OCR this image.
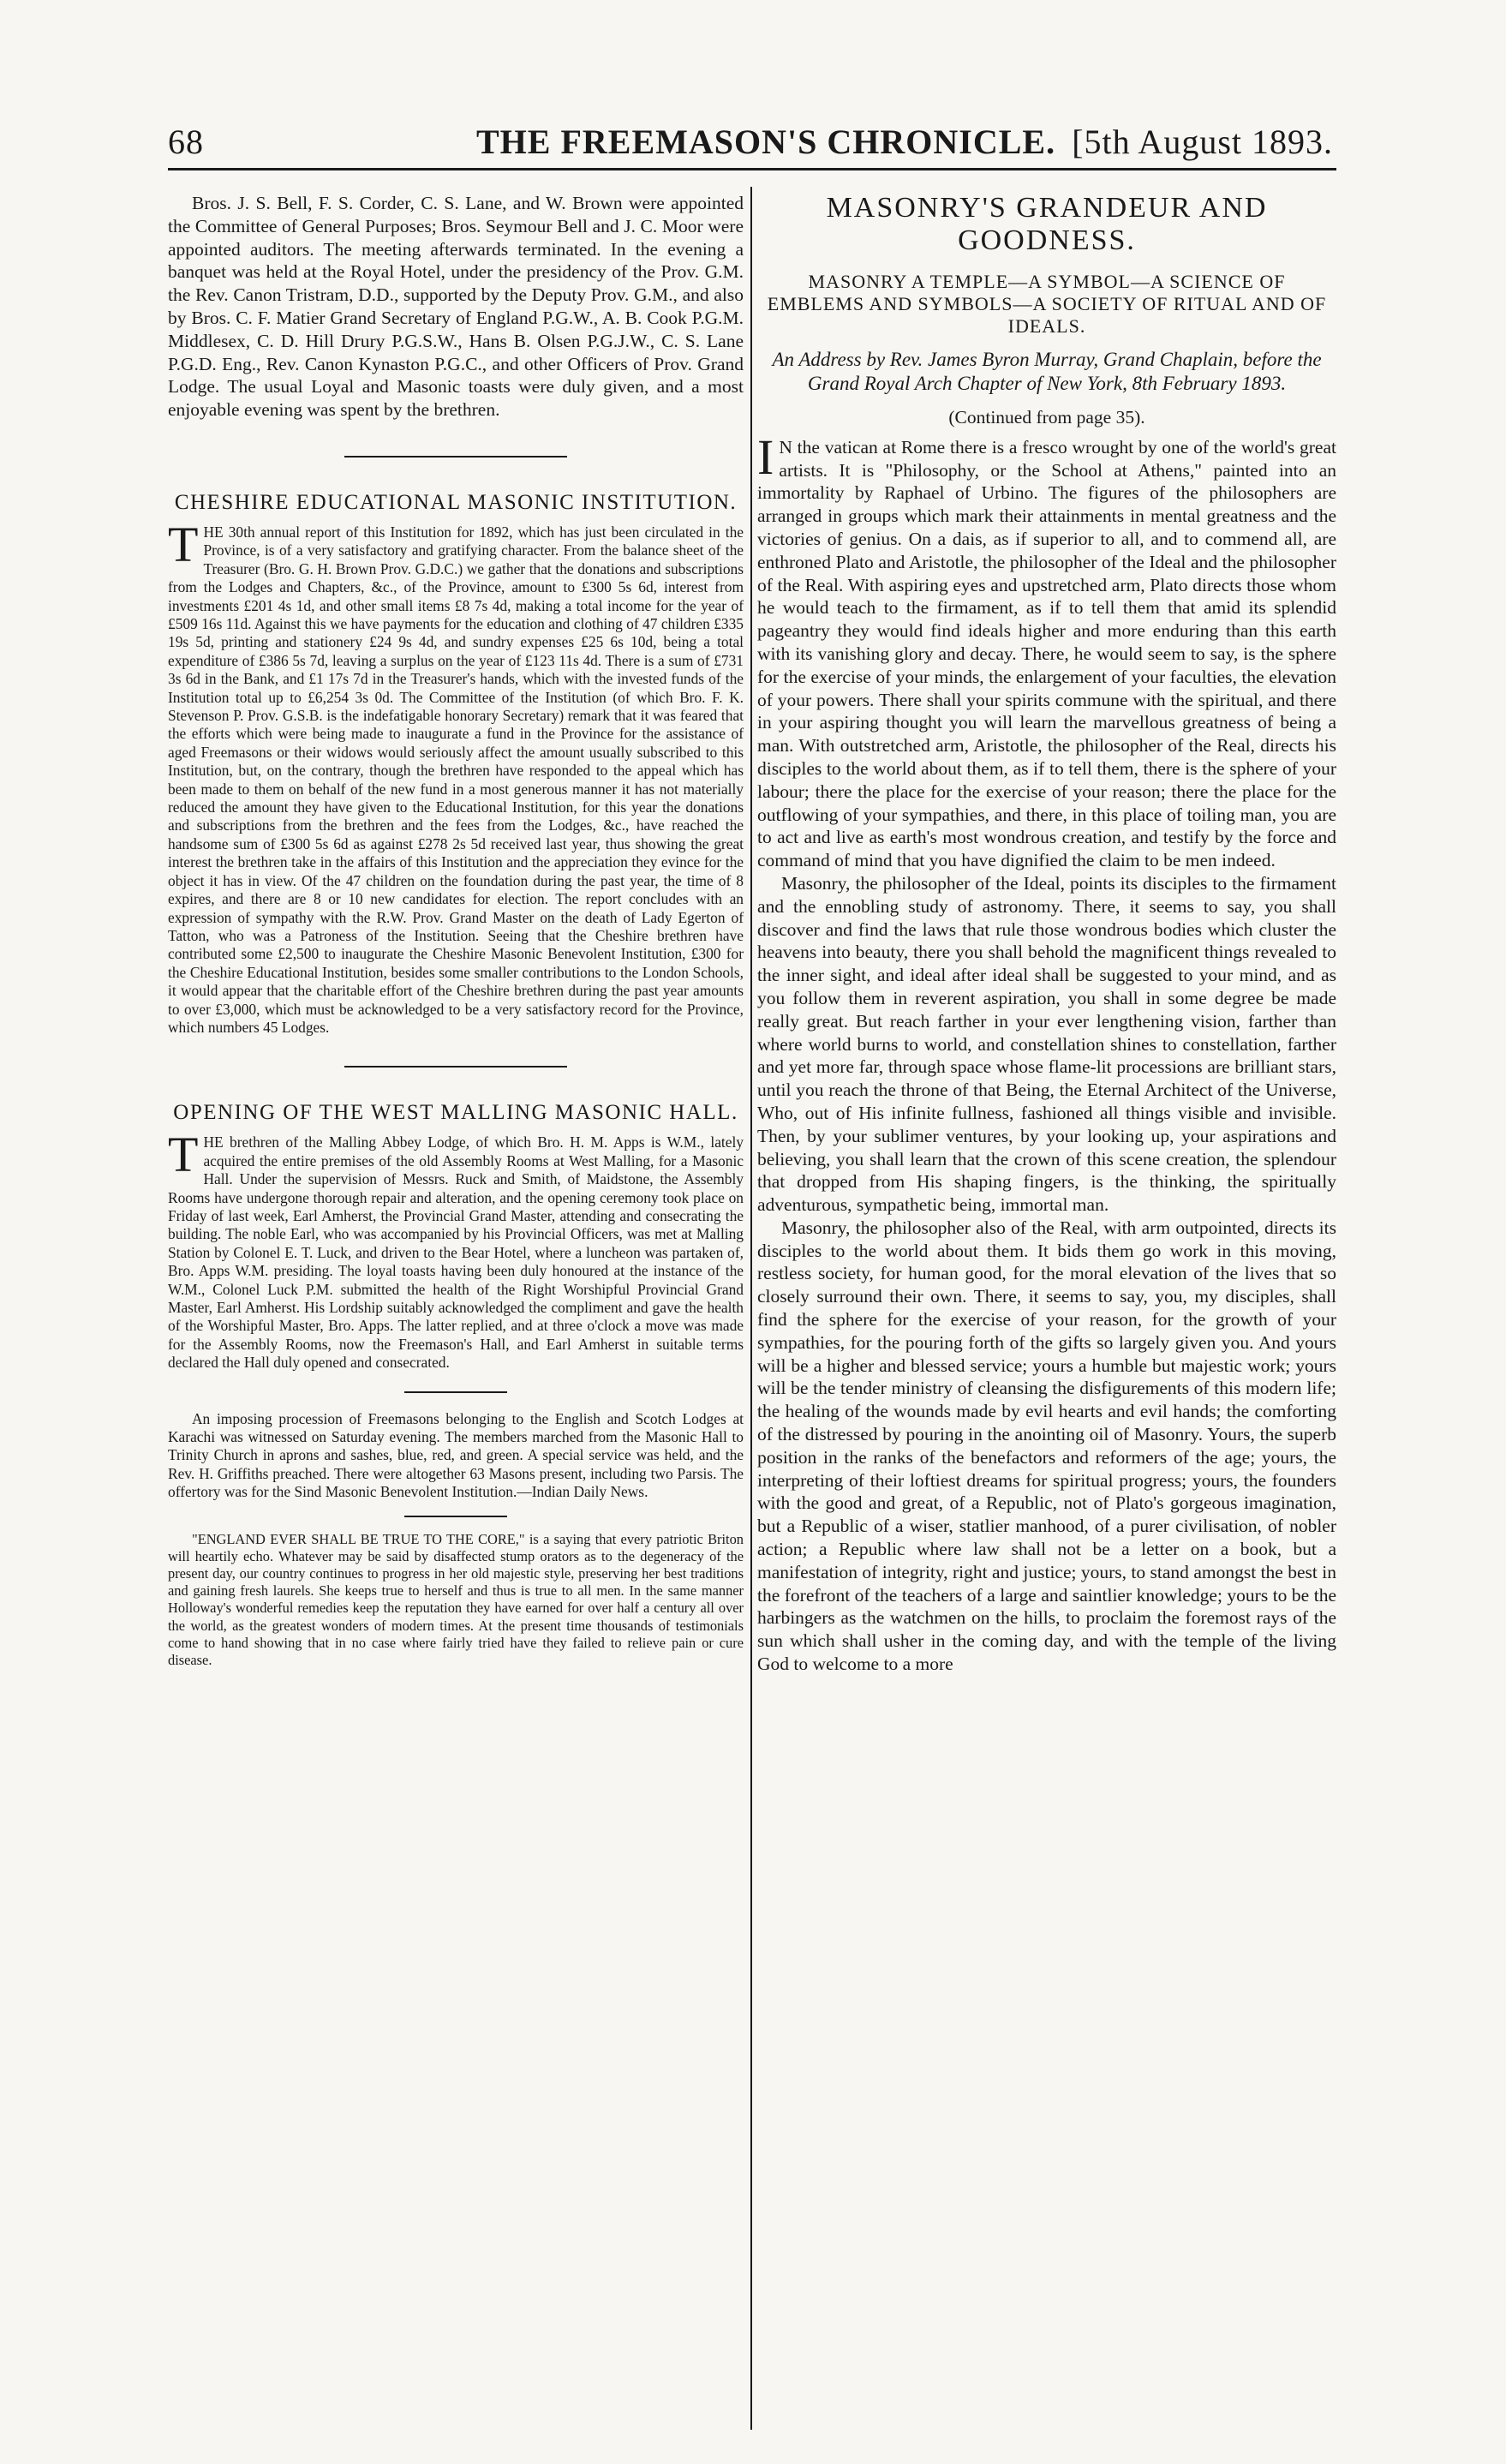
68	THE FREEMASON'S CHRONICLE. [5th August 1893.

Bros. J. S. Bell, F. S. Corder, C. S. Lane, and W. Brown were appointed the Committee of General Purposes; Bros. Seymour Bell and J. C. Moor were appointed auditors. The meeting afterwards terminated. In the evening a banquet was held at the Royal Hotel, under the presidency of the Prov. G.M. the Rev. Canon Tristram, D.D., supported by the Deputy Prov. G.M., and also by Bros. C. F. Matier Grand Secretary of England P.G.W., A. B. Cook P.G.M. Middlesex, C. D. Hill Drury P.G.S.W., Hans B. Olsen P.G.J.W., C. S. Lane P.G.D. Eng., Rev. Canon Kynaston P.G.C., and other Officers of Prov. Grand Lodge. The usual Loyal and Masonic toasts were duly given, and a most enjoyable evening was spent by the brethren.

CHESHIRE EDUCATIONAL MASONIC INSTITUTION.

THE 30th annual report of this Institution for 1892, which has just been circulated in the Province, is of a very satisfactory and gratifying character. From the balance sheet of the Treasurer (Bro. G. H. Brown Prov. G.D.C.) we gather that the donations and subscriptions from the Lodges and Chapters, &c., of the Province, amount to £300 5s 6d, interest from investments £201 4s 1d, and other small items £8 7s 4d, making a total income for the year of £509 16s 11d. Against this we have payments for the education and clothing of 47 children £335 19s 5d, printing and stationery £24 9s 4d, and sundry expenses £25 6s 10d, being a total expenditure of £386 5s 7d, leaving a surplus on the year of £123 11s 4d. There is a sum of £731 3s 6d in the Bank, and £1 17s 7d in the Treasurer's hands, which with the invested funds of the Institution total up to £6,254 3s 0d. The Committee of the Institution (of which Bro. F. K. Stevenson P. Prov. G.S.B. is the indefatigable honorary Secretary) remark that it was feared that the efforts which were being made to inaugurate a fund in the Province for the assistance of aged Freemasons or their widows would seriously affect the amount usually subscribed to this Institution, but, on the contrary, though the brethren have responded to the appeal which has been made to them on behalf of the new fund in a most generous manner it has not materially reduced the amount they have given to the Educational Institution, for this year the donations and subscriptions from the brethren and the fees from the Lodges, &c., have reached the handsome sum of £300 5s 6d as against £278 2s 5d received last year, thus showing the great interest the brethren take in the affairs of this Institution and the appreciation they evince for the object it has in view. Of the 47 children on the foundation during the past year, the time of 8 expires, and there are 8 or 10 new candidates for election. The report concludes with an expression of sympathy with the R.W. Prov. Grand Master on the death of Lady Egerton of Tatton, who was a Patroness of the Institution. Seeing that the Cheshire brethren have contributed some £2,500 to inaugurate the Cheshire Masonic Benevolent Institution, £300 for the Cheshire Educational Institution, besides some smaller contributions to the London Schools, it would appear that the charitable effort of the Cheshire brethren during the past year amounts to over £3,000, which must be acknowledged to be a very satisfactory record for the Province, which numbers 45 Lodges.

OPENING OF THE WEST MALLING MASONIC HALL.

THE brethren of the Malling Abbey Lodge, of which Bro. H. M. Apps is W.M., lately acquired the entire premises of the old Assembly Rooms at West Malling, for a Masonic Hall. Under the supervision of Messrs. Ruck and Smith, of Maidstone, the Assembly Rooms have undergone thorough repair and alteration, and the opening ceremony took place on Friday of last week, Earl Amherst, the Provincial Grand Master, attending and consecrating the building. The noble Earl, who was accompanied by his Provincial Officers, was met at Malling Station by Colonel E. T. Luck, and driven to the Bear Hotel, where a luncheon was partaken of, Bro. Apps W.M. presiding. The loyal toasts having been duly honoured at the instance of the W.M., Colonel Luck P.M. submitted the health of the Right Worshipful Provincial Grand Master, Earl Amherst. His Lordship suitably acknowledged the compliment and gave the health of the Worshipful Master, Bro. Apps. The latter replied, and at three o'clock a move was made for the Assembly Rooms, now the Freemason's Hall, and Earl Amherst in suitable terms declared the Hall duly opened and consecrated.

An imposing procession of Freemasons belonging to the English and Scotch Lodges at Karachi was witnessed on Saturday evening. The members marched from the Masonic Hall to Trinity Church in aprons and sashes, blue, red, and green. A special service was held, and the Rev. H. Griffiths preached. There were altogether 63 Masons present, including two Parsis. The offertory was for the Sind Masonic Benevolent Institution.—Indian Daily News.

"ENGLAND EVER SHALL BE TRUE TO THE CORE," is a saying that every patriotic Briton will heartily echo. Whatever may be said by disaffected stump orators as to the degeneracy of the present day, our country continues to progress in her old majestic style, preserving her best traditions and gaining fresh laurels. She keeps true to herself and thus is true to all men. In the same manner Holloway's wonderful remedies keep the reputation they have earned for over half a century all over the world, as the greatest wonders of modern times. At the present time thousands of testimonials come to hand showing that in no case where fairly tried have they failed to relieve pain or cure disease.

MASONRY'S GRANDEUR AND GOODNESS.

MASONRY A TEMPLE—A SYMBOL—A SCIENCE OF EMBLEMS AND SYMBOLS—A SOCIETY OF RITUAL AND OF IDEALS.

An Address by Rev. James Byron Murray, Grand Chaplain, before the Grand Royal Arch Chapter of New York, 8th February 1893.

(Continued from page 35).

I N the vatican at Rome there is a fresco wrought by one of the world's great artists. It is "Philosophy, or the School at Athens," painted into an immortality by Raphael of Urbino. The figures of the philosophers are arranged in groups which mark their attainments in mental greatness and the victories of genius. On a dais, as if superior to all, and to commend all, are enthroned Plato and Aristotle, the philosopher of the Ideal and the philosopher of the Real. With aspiring eyes and upstretched arm, Plato directs those whom he would teach to the firmament, as if to tell them that amid its splendid pageantry they would find ideals higher and more enduring than this earth with its vanishing glory and decay. There, he would seem to say, is the sphere for the exercise of your minds, the enlargement of your faculties, the elevation of your powers. There shall your spirits commune with the spiritual, and there in your aspiring thought you will learn the marvellous greatness of being a man. With outstretched arm, Aristotle, the philosopher of the Real, directs his disciples to the world about them, as if to tell them, there is the sphere of your labour; there the place for the exercise of your reason; there the place for the outflowing of your sympathies, and there, in this place of toiling man, you are to act and live as earth's most wondrous creation, and testify by the force and command of mind that you have dignified the claim to be men indeed.

Masonry, the philosopher of the Ideal, points its disciples to the firmament and the ennobling study of astronomy. There, it seems to say, you shall discover and find the laws that rule those wondrous bodies which cluster the heavens into beauty, there you shall behold the magnificent things revealed to the inner sight, and ideal after ideal shall be suggested to your mind, and as you follow them in reverent aspiration, you shall in some degree be made really great. But reach farther in your ever lengthening vision, farther than where world burns to world, and constellation shines to constellation, farther and yet more far, through space whose flame-lit processions are brilliant stars, until you reach the throne of that Being, the Eternal Architect of the Universe, Who, out of His infinite fullness, fashioned all things visible and invisible. Then, by your sublimer ventures, by your looking up, your aspirations and believing, you shall learn that the crown of this scene creation, the splendour that dropped from His shaping fingers, is the thinking, the spiritually adventurous, sympathetic being, immortal man.

Masonry, the philosopher also of the Real, with arm outpointed, directs its disciples to the world about them. It bids them go work in this moving, restless society, for human good, for the moral elevation of the lives that so closely surround their own. There, it seems to say, you, my disciples, shall find the sphere for the exercise of your reason, for the growth of your sympathies, for the pouring forth of the gifts so largely given you. And yours will be a higher and blessed service; yours a humble but majestic work; yours will be the tender ministry of cleansing the disfigurements of this modern life; the healing of the wounds made by evil hearts and evil hands; the comforting of the distressed by pouring in the anointing oil of Masonry. Yours, the superb position in the ranks of the benefactors and reformers of the age; yours, the interpreting of their loftiest dreams for spiritual progress; yours, the founders with the good and great, of a Republic, not of Plato's gorgeous imagination, but a Republic of a wiser, statlier manhood, of a purer civilisation, of nobler action; a Republic where law shall not be a letter on a book, but a manifestation of integrity, right and justice; yours, to stand amongst the best in the forefront of the teachers of a large and saintlier knowledge; yours to be the harbingers as the watchmen on the hills, to proclaim the foremost rays of the sun which shall usher in the coming day, and with the temple of the living God to welcome to a more
